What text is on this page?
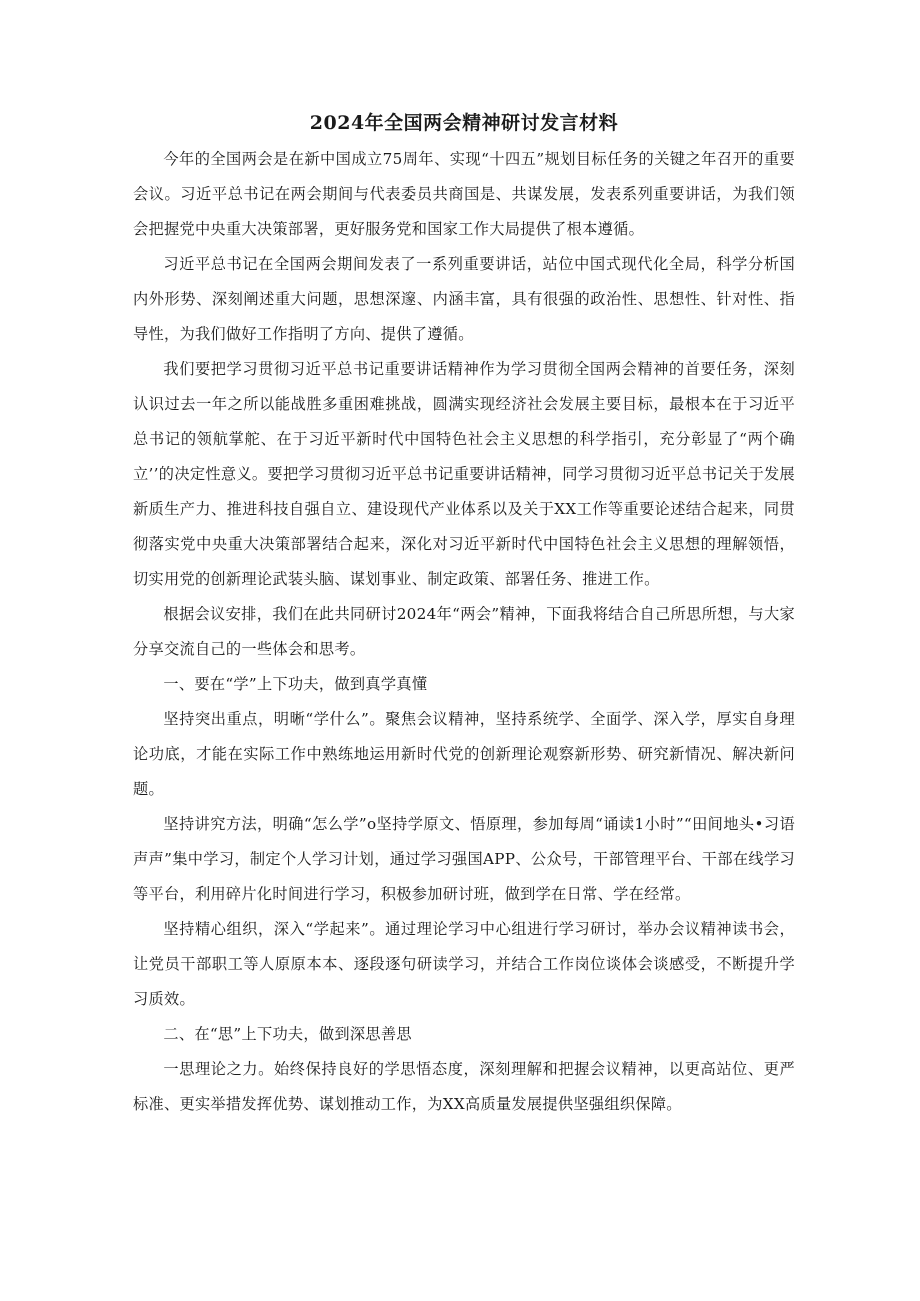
2024年全国两会精神研讨发言材料

今年的全国两会是在新中国成立75周年、实现“十四五”规划目标任务的关键之年召开的重要会议。习近平总书记在两会期间与代表委员共商国是、共谋发展，发表系列重要讲话，为我们领会把握党中央重大决策部署，更好服务党和国家工作大局提供了根本遵循。

习近平总书记在全国两会期间发表了一系列重要讲话，站位中国式现代化全局，科学分析国内外形势、深刻阐述重大问题，思想深邃、内涵丰富，具有很强的政治性、思想性、针对性、指导性，为我们做好工作指明了方向、提供了遵循。

我们要把学习贯彻习近平总书记重要讲话精神作为学习贯彻全国两会精神的首要任务，深刻认识过去一年之所以能战胜多重困难挑战，圆满实现经济社会发展主要目标，最根本在于习近平总书记的领航掌舵、在于习近平新时代中国特色社会主义思想的科学指引，充分彰显了“两个确立’’的决定性意义。要把学习贯彻习近平总书记重要讲话精神，同学习贯彻习近平总书记关于发展新质生产力、推进科技自强自立、建设现代产业体系以及关于XX工作等重要论述结合起来，同贯彻落实党中央重大决策部署结合起来，深化对习近平新时代中国特色社会主义思想的理解领悟，切实用党的创新理论武装头脑、谋划事业、制定政策、部署任务、推进工作。

根据会议安排，我们在此共同研讨2024年“两会”精神，下面我将结合自己所思所想，与大家分享交流自己的一些体会和思考。

一、要在“学”上下功夫，做到真学真懂

坚持突出重点，明晰“学什么”。聚焦会议精神，坚持系统学、全面学、深入学，厚实自身理论功底，才能在实际工作中熟练地运用新时代党的创新理论观察新形势、研究新情况、解决新问题。

坚持讲究方法，明确“怎么学”o坚持学原文、悟原理，参加每周“诵读1小时”“田间地头•习语声声”集中学习，制定个人学习计划，通过学习强国APP、公众号，干部管理平台、干部在线学习等平台，利用碎片化时间进行学习，积极参加研讨班，做到学在日常、学在经常。

坚持精心组织，深入“学起来”。通过理论学习中心组进行学习研讨，举办会议精神读书会，让党员干部职工等人原原本本、逐段逐句研读学习，并结合工作岗位谈体会谈感受，不断提升学习质效。

二、在“思”上下功夫，做到深思善思

一思理论之力。始终保持良好的学思悟态度，深刻理解和把握会议精神，以更高站位、更严标准、更实举措发挥优势、谋划推动工作，为XX高质量发展提供坚强组织保障。
